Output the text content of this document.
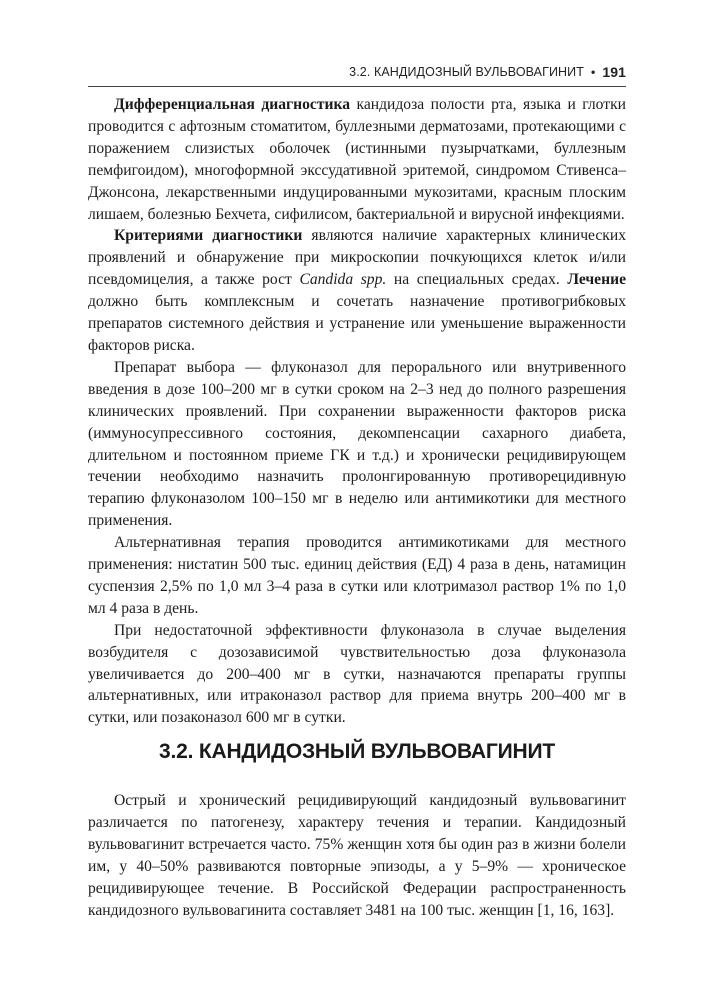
3.2. КАНДИДОЗНЫЙ ВУЛЬВОВАГИНИТ • 191

Дифференциальная диагностика кандидоза полости рта, языка и глотки проводится с афтозным стоматитом, буллезными дерматозами, протекающими с поражением слизистых оболочек (истинными пузырчатками, буллезным пемфигоидом), многоформной экссудативной эритемой, синдромом Стивенса–Джонсона, лекарственными индуцированными мукозитами, красным плоским лишаем, болезнью Бехчета, сифилисом, бактериальной и вирусной инфекциями.

Критериями диагностики являются наличие характерных клинических проявлений и обнаружение при микроскопии почкующихся клеток и/или псевдомицелия, а также рост Candida spp. на специальных средах. Лечение должно быть комплексным и сочетать назначение противогрибковых препаратов системного действия и устранение или уменьшение выраженности факторов риска.

Препарат выбора — флуконазол для перорального или внутривенного введения в дозе 100–200 мг в сутки сроком на 2–3 нед до полного разрешения клинических проявлений. При сохранении выраженности факторов риска (иммуносупрессивного состояния, декомпенсации сахарного диабета, длительном и постоянном приеме ГК и т.д.) и хронически рецидивирующем течении необходимо назначить пролонгированную противорецидивную терапию флуконазолом 100–150 мг в неделю или антимикотики для местного применения.

Альтернативная терапия проводится антимикотиками для местного применения: нистатин 500 тыс. единиц действия (ЕД) 4 раза в день, натамицин суспензия 2,5% по 1,0 мл 3–4 раза в сутки или клотримазол раствор 1% по 1,0 мл 4 раза в день.

При недостаточной эффективности флуконазола в случае выделения возбудителя с дозозависимой чувствительностью доза флуконазола увеличивается до 200–400 мг в сутки, назначаются препараты группы альтернативных, или итраконазол раствор для приема внутрь 200–400 мг в сутки, или позаконазол 600 мг в сутки.

3.2. КАНДИДОЗНЫЙ ВУЛЬВОВАГИНИТ

Острый и хронический рецидивирующий кандидозный вульвовагинит различается по патогенезу, характеру течения и терапии. Кандидозный вульвовагинит встречается часто. 75% женщин хотя бы один раз в жизни болели им, у 40–50% развиваются повторные эпизоды, а у 5–9% — хроническое рецидивирующее течение. В Российской Федерации распространенность кандидозного вульвовагинита составляет 3481 на 100 тыс. женщин [1, 16, 163].
